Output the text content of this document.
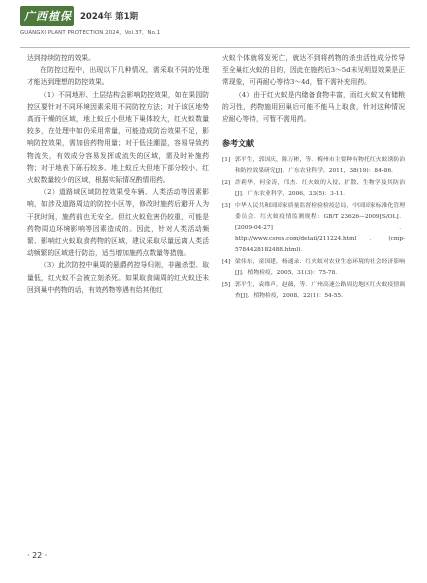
广西植保 2024年 第1期
GUANGXI PLANT PROTECTION 2024，Vol.37，No.1

达到持续防控的效果。

在防控过程中，出现以下几种情况，需采取不同的处理才能达到理想的防控效果。

（1）不同地形、土层结构会影响防控效果，如在果园防控区要针对不同环境因素采用不同防控方法；对于该区地势高而干燥的区域，地上蚁丘小但地下巢体较大，红火蚁数量较多，在处理中如仍采用常量，可能造成防治效果不足，影响防控效果，需加倍药物用量；对于低洼潮湿，容易导致药物流失，有效成分容易发挥或流失的区域，需及时补施药物；对于地表下砾石较多、地上蚁丘大但地下部分较小、红火蚁数量较少的区域，根据实际情况酌情用药。

（2）道路域区域防控效果受车辆、人类活动等因素影响，如涉及道路周边的防控小区等，修改时施药后避开人为干扰时间，施药前也无安全。但红火蚁危害仍较重，可能是药物周边环境影响等因素造成的。因此，针对人类活动频繁、影响红火蚁取食药物的区域，建议采取尽量远离人类活动频繁的区域进行防治，适当增加施药点数量等措施。

（3）此次防控中巢周的悬爵药控导归则，非融杀型、取量低，红火蚁不会被立刻杀死。如果取食阔周的红火蚁还未回到巢中药物的话，有效药物等遇有给其他红

火蚁个体就将发死亡，就达不到将药物的杀虫活性成分传导至全巢红火蚁的目的，因此在施药后3～5d未见明显效果是正常现象，可再耐心等待3～4d，暂不需补充用药。

（4）由于红火蚁是内储备食物丰富，而红火蚁又有储粮的习性，药物施用回巢后可能不能马上取食，针对这种情况应耐心等待，可暂不需用药。

参考文献
[1] 郭平生，郭国庆，陈万彬，等．梅州市主要种有物托红火蚁诱防治和防控效果研究[J]．广东农业科学，2011，38(19)：84-86．
[2] 許莉华，何金涛，邝杰．红火蚁的入侵、扩散、生物学及其防治[J]．广东农业科学，2006，33(5)：3-11．
[3] 中华人民共和国国家质量监督检验检疫总局，中国国家标准化管理委员会．红火蚁疫情监测规程：GB/T 23626—2009[S/OL]．[2009-04-27]．http://www.csres.com/detail/211224.html．(cmp-5784428182488.html)．
[4] 梁伟东，童国建，杨通录．红火蚁对农业生态环境的社会经济影响[J]．植物检疫，2005，31(3)：75-78．
[5] 郭平生，袁维声，赵薇，等．广州高速公路周边地区红火蚁疫情调查[J]．植物检疫，2008，22(1)：54-55．
· 22 ·
